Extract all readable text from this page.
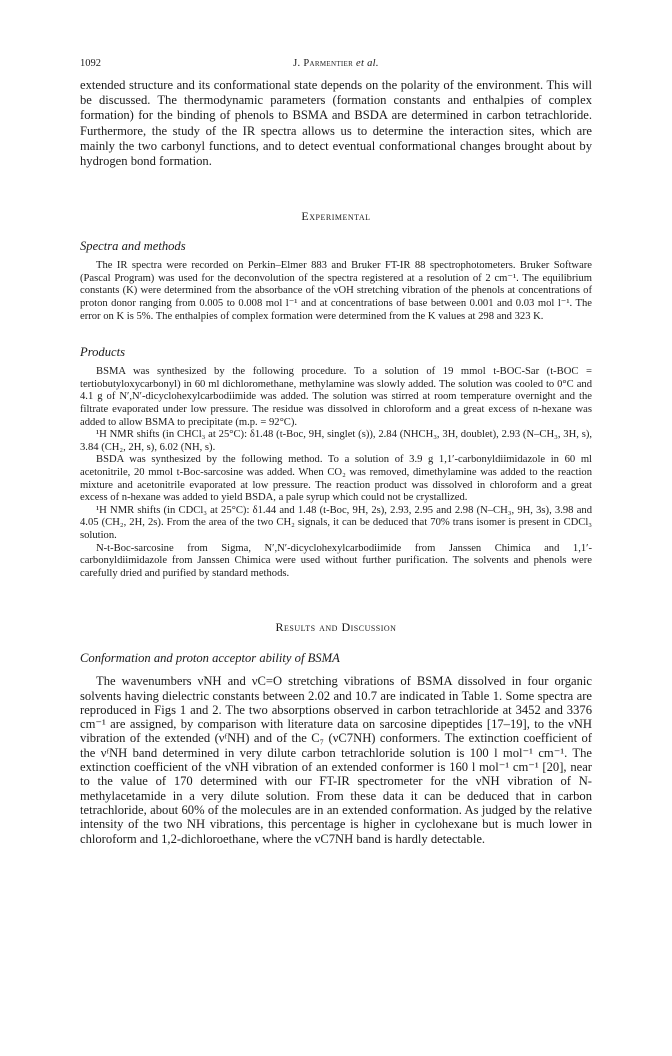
1092	J. Parmentier et al.

extended structure and its conformational state depends on the polarity of the environment. This will be discussed. The thermodynamic parameters (formation constants and enthalpies of complex formation) for the binding of phenols to BSMA and BSDA are determined in carbon tetrachloride. Furthermore, the study of the IR spectra allows us to determine the interaction sites, which are mainly the two carbonyl functions, and to detect eventual conformational changes brought about by hydrogen bond formation.

Experimental
Spectra and methods

The IR spectra were recorded on Perkin–Elmer 883 and Bruker FT-IR 88 spectrophotometers. Bruker Software (Pascal Program) was used for the deconvolution of the spectra registered at a resolution of 2 cm⁻¹. The equilibrium constants (K) were determined from the absorbance of the νOH stretching vibration of the phenols at concentrations of proton donor ranging from 0.005 to 0.008 mol l⁻¹ and at concentrations of base between 0.001 and 0.03 mol l⁻¹. The error on K is 5%. The enthalpies of complex formation were determined from the K values at 298 and 323 K.

Products

BSMA was synthesized by the following procedure. To a solution of 19 mmol t-BOC-Sar (t-BOC = tertiobutyloxycarbonyl) in 60 ml dichloromethane, methylamine was slowly added. The solution was cooled to 0°C and 4.1 g of N′,N′-dicyclohexylcarbodiimide was added. The solution was stirred at room temperature overnight and the filtrate evaporated under low pressure. The residue was dissolved in chloroform and a great excess of n-hexane was added to allow BSMA to precipitate (m.p. = 92°C).

¹H NMR shifts (in CHCl₃ at 25°C): δ1.48 (t-Boc, 9H, singlet (s)), 2.84 (NHCH₃, 3H, doublet), 2.93 (N–CH₃, 3H, s), 3.84 (CH₂, 2H, s), 6.02 (NH, s).

BSDA was synthesized by the following method. To a solution of 3.9 g 1,1′-carbonyldiimidazole in 60 ml acetonitrile, 20 mmol t-Boc-sarcosine was added. When CO₂ was removed, dimethylamine was added to the reaction mixture and acetonitrile evaporated at low pressure. The reaction product was dissolved in chloroform and a great excess of n-hexane was added to yield BSDA, a pale syrup which could not be crystallized.

¹H NMR shifts (in CDCl₃ at 25°C): δ1.44 and 1.48 (t-Boc, 9H, 2s), 2.93, 2.95 and 2.98 (N–CH₃, 9H, 3s), 3.98 and 4.05 (CH₂, 2H, 2s). From the area of the two CH₂ signals, it can be deduced that 70% trans isomer is present in CDCl₃ solution.

N-t-Boc-sarcosine from Sigma, N′,N′-dicyclohexylcarbodiimide from Janssen Chimica and 1,1′-carbonyldiimidazole from Janssen Chimica were used without further purification. The solvents and phenols were carefully dried and purified by standard methods.

Results and Discussion
Conformation and proton acceptor ability of BSMA

The wavenumbers νNH and νC=O stretching vibrations of BSMA dissolved in four organic solvents having dielectric constants between 2.02 and 10.7 are indicated in Table 1. Some spectra are reproduced in Figs 1 and 2. The two absorptions observed in carbon tetrachloride at 3452 and 3376 cm⁻¹ are assigned, by comparison with literature data on sarcosine dipeptides [17–19], to the νNH vibration of the extended (νᶠNH) and of the C₇ (νC7NH) conformers. The extinction coefficient of the νᶠNH band determined in very dilute carbon tetrachloride solution is 100 l mol⁻¹ cm⁻¹. The extinction coefficient of the νNH vibration of an extended conformer is 160 l mol⁻¹ cm⁻¹ [20], near to the value of 170 determined with our FT-IR spectrometer for the νNH vibration of N-methylacetamide in a very dilute solution. From these data it can be deduced that in carbon tetrachloride, about 60% of the molecules are in an extended conformation. As judged by the relative intensity of the two NH vibrations, this percentage is higher in cyclohexane but is much lower in chloroform and 1,2-dichloroethane, where the νC7NH band is hardly detectable.
